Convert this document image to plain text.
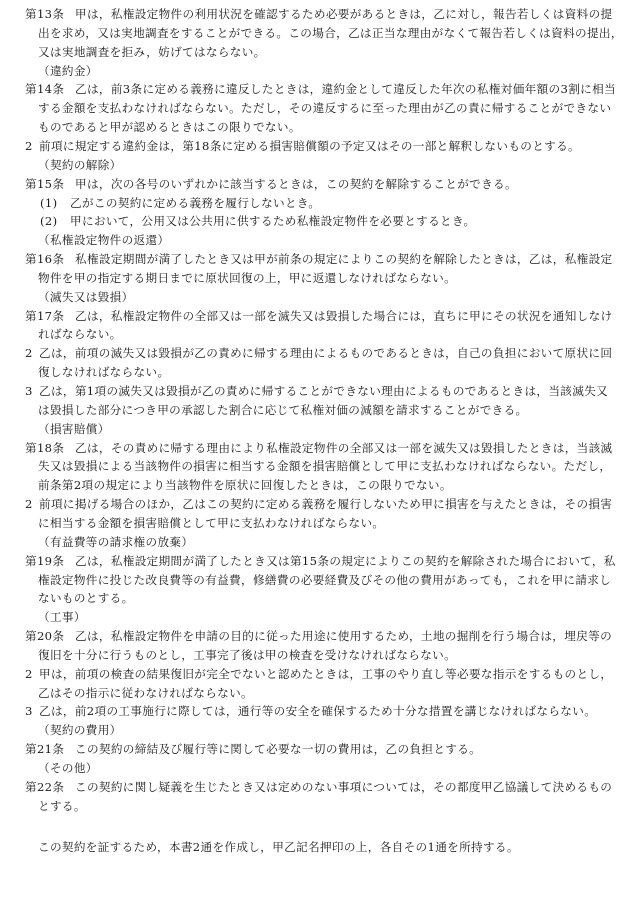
第13条 甲は，私権設定物件の利用状況を確認するため必要があるときは，乙に対し，報告若しくは資料の提
出を求め，又は実地調査をすることができる。この場合，乙は正当な理由がなくて報告若しくは資料の提出，
又は実地調査を拒み，妨げてはならない。
（違約金）
第14条 乙は，前3条に定める義務に違反したときは，違約金として違反した年次の私権対価年額の3割に相当
する金額を支払わなければならない。ただし，その違反するに至った理由が乙の責に帰することができない
ものであると甲が認めるときはこの限りでない。
2 前項に規定する違約金は，第18条に定める損害賠償額の予定又はその一部と解釈しないものとする。
（契約の解除）
第15条 甲は，次の各号のいずれかに該当するときは，この契約を解除することができる。
(1) 乙がこの契約に定める義務を履行しないとき。
(2) 甲において，公用又は公共用に供するため私権設定物件を必要とするとき。
（私権設定物件の返還）
第16条 私権設定期間が満了したとき又は甲が前条の規定によりこの契約を解除したときは，乙は，私権設定
物件を甲の指定する期日までに原状回復の上，甲に返還しなければならない。
（滅失又は毀損）
第17条 乙は，私権設定物件の全部又は一部を滅失又は毀損した場合には，直ちに甲にその状況を通知しなけ
ればならない。
2 乙は，前項の滅失又は毀損が乙の責めに帰する理由によるものであるときは，自己の負担において原状に回
復しなければならない。
3 乙は，第1項の滅失又は毀損が乙の責めに帰することができない理由によるものであるときは，当該滅失又
は毀損した部分につき甲の承認した割合に応じて私権対価の減額を請求することができる。
（損害賠償）
第18条 乙は，その責めに帰する理由により私権設定物件の全部又は一部を滅失又は毀損したときは，当該滅
失又は毀損による当該物件の損害に相当する金額を損害賠償として甲に支払わなければならない。ただし，
前条第2項の規定により当該物件を原状に回復したときは，この限りでない。
2 前項に掲げる場合のほか，乙はこの契約に定める義務を履行しないため甲に損害を与えたときは，その損害
に相当する金額を損害賠償として甲に支払わなければならない。
（有益費等の請求権の放棄）
第19条 乙は，私権設定期間が満了したとき又は第15条の規定によりこの契約を解除された場合において，私
権設定物件に投じた改良費等の有益費，修繕費の必要経費及びその他の費用があっても，これを甲に請求し
ないものとする。
（工事）
第20条 乙は，私権設定物件を申請の目的に従った用途に使用するため，土地の掘削を行う場合は，埋戻等の
復旧を十分に行うものとし，工事完了後は甲の検査を受けなければならない。
2 甲は，前項の検査の結果復旧が完全でないと認めたときは，工事のやり直し等必要な指示をするものとし，
乙はその指示に従わなければならない。
3 乙は，前2項の工事施行に際しては，通行等の安全を確保するため十分な措置を講じなければならない。
（契約の費用）
第21条 この契約の締結及び履行等に関して必要な一切の費用は，乙の負担とする。
（その他）
第22条 この契約に関し疑義を生じたとき又は定めのない事項については，その都度甲乙協議して決めるもの
とする。
この契約を証するため，本書2通を作成し，甲乙記名押印の上，各自その1通を所持する。
